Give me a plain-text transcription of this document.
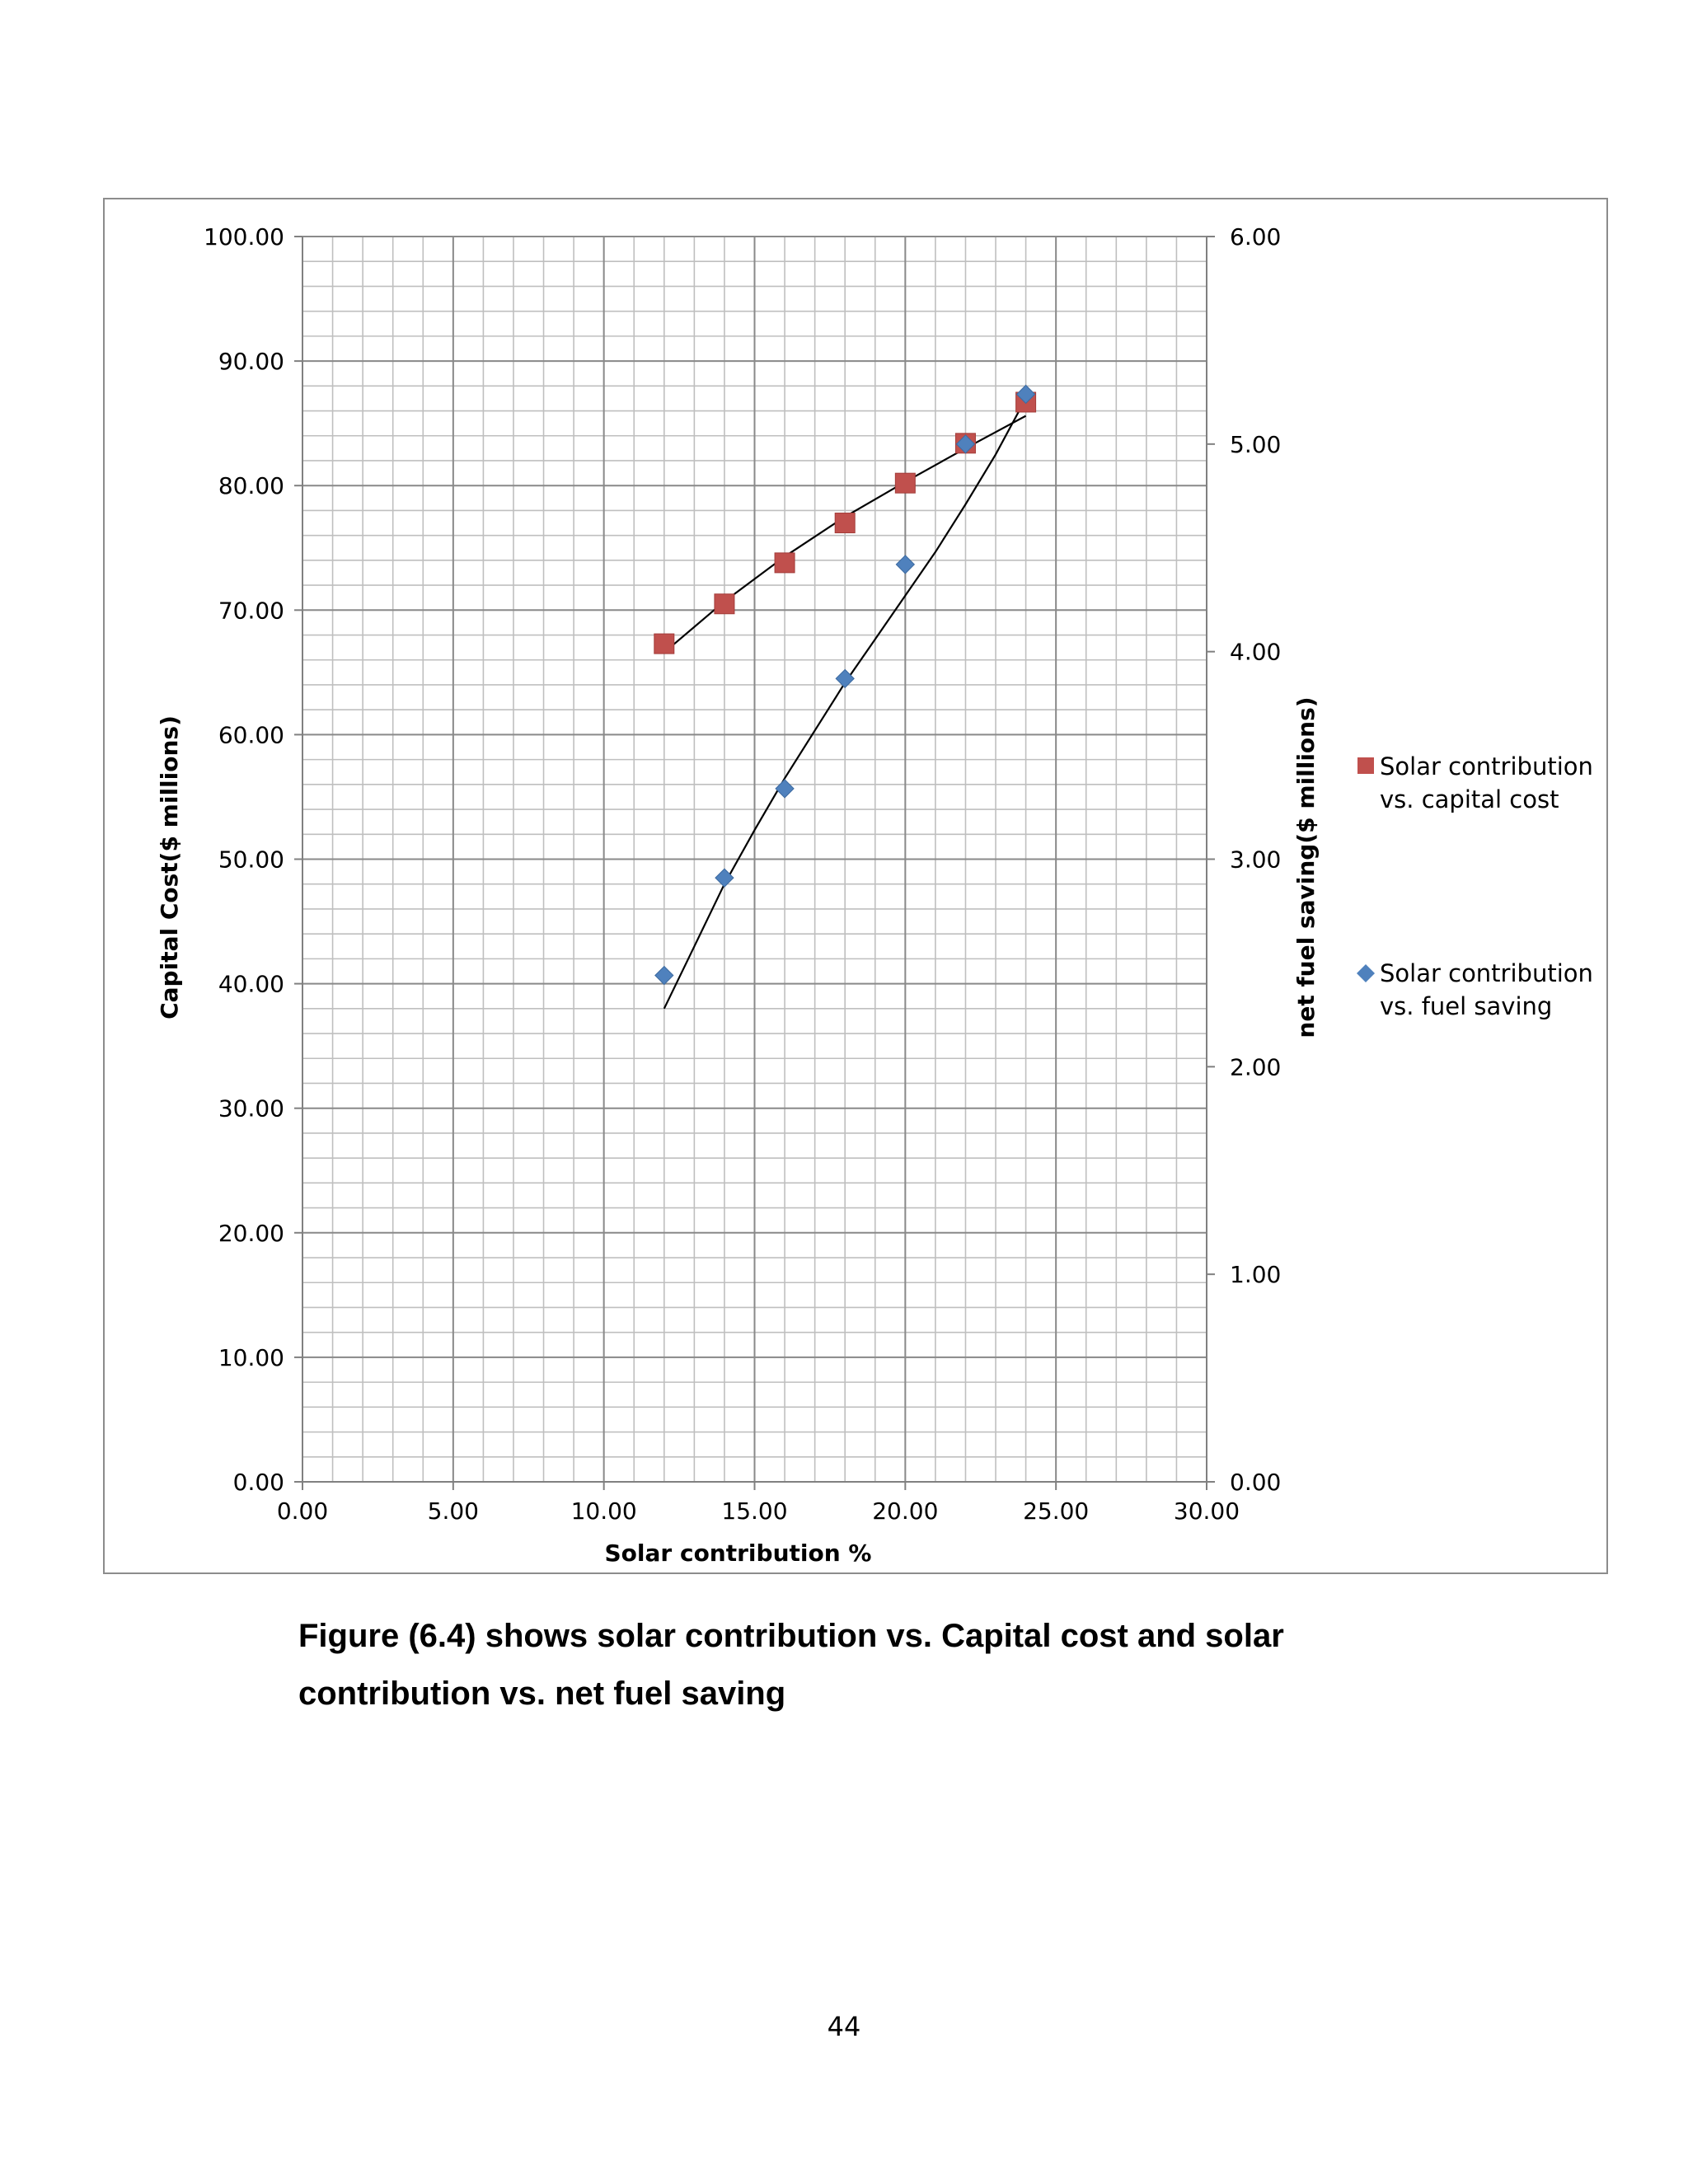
0.00	5.00	10.00	15.00	20.00	25.00	30.00
0.00
10.00
20.00
30.00
40.00
50.00
60.00
70.00
80.00
90.00
100.00
0.00
1.00
2.00
3.00
4.00
5.00
6.00
Solar contribution %
Capital Cost($ millions)	net fuel saving($ millions)	Solar contribution
vs. capital cost
Solar contribution
vs. fuel saving

Figure (6.4) shows solar contribution vs. Capital cost and solar contribution vs. net fuel saving

44
